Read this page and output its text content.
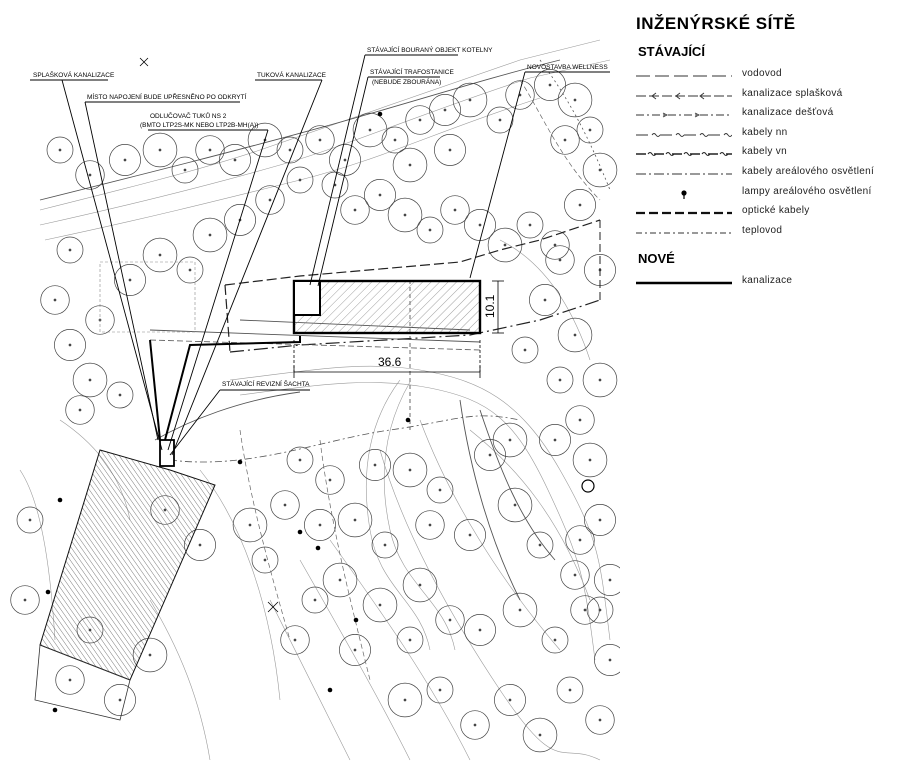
36.6
10.1
SPLAŠKOVÁ KANALIZACE
MÍSTO NAPOJENÍ BUDE UPŘESNĚNO PO ODKRYTÍ
ODLUČOVAČ TUKŮ NS 2
(BMTO LTP2S-MK NEBO LTP2B-MH(A))
TUKOVÁ KANALIZACE
STÁVAJÍCÍ BOURANÝ OBJEKT KOTELNY
STÁVAJÍCÍ TRAFOSTANICE
(NEBUDE ZBOURÁNA)
NOVOSTAVBA WELLNESS
STÁVAJÍCÍ REVIZNÍ ŠACHTA
INŽENÝRSKÉ SÍTĚ
STÁVAJÍCÍ
vodovod
kanalizace splašková
kanalizace dešťová
kabely nn
kabely vn
kabely areálového osvětlení
lampy areálového osvětlení
optické kabely
teplovod
NOVÉ
kanalizace
